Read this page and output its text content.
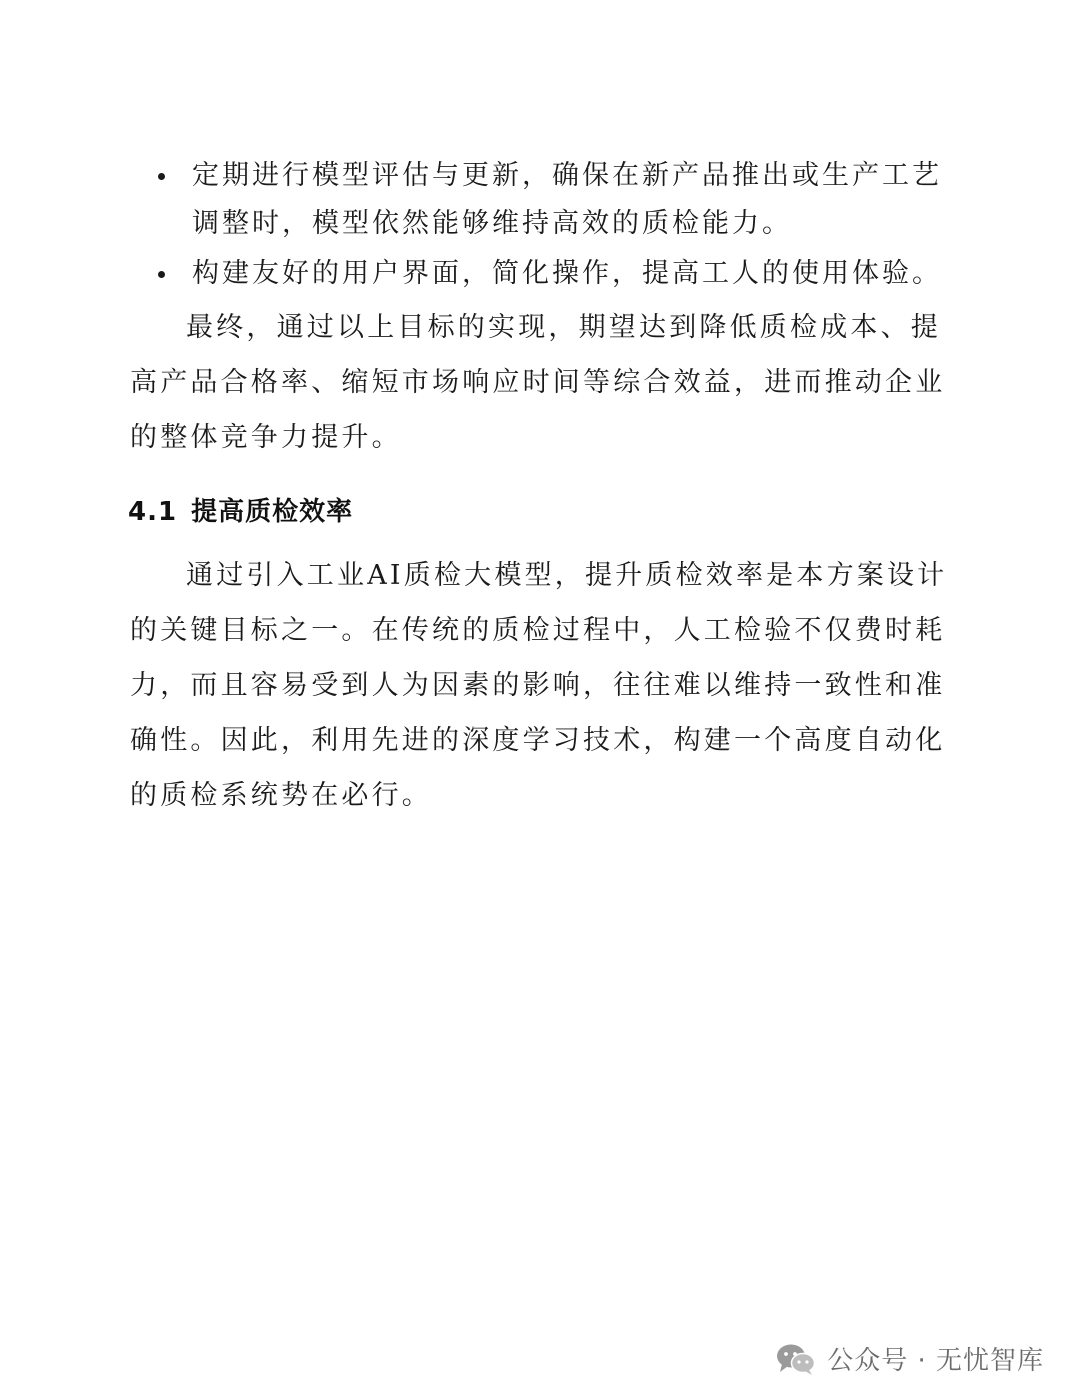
定期进行模型评估与更新，确保在新产品推出或生产工艺调整时，模型依然能够维持高效的质检能力。
构建友好的用户界面，简化操作，提高工人的使用体验。

最终，通过以上目标的实现，期望达到降低质检成本、提高产品合格率、缩短市场响应时间等综合效益，进而推动企业的整体竞争力提升。

4.1 提高质检效率

通过引入工业AI质检大模型，提升质检效率是本方案设计的关键目标之一。在传统的质检过程中，人工检验不仅费时耗力，而且容易受到人为因素的影响，往往难以维持一致性和准确性。因此，利用先进的深度学习技术，构建一个高度自动化的质检系统势在必行。

公众号 · 无忧智库
